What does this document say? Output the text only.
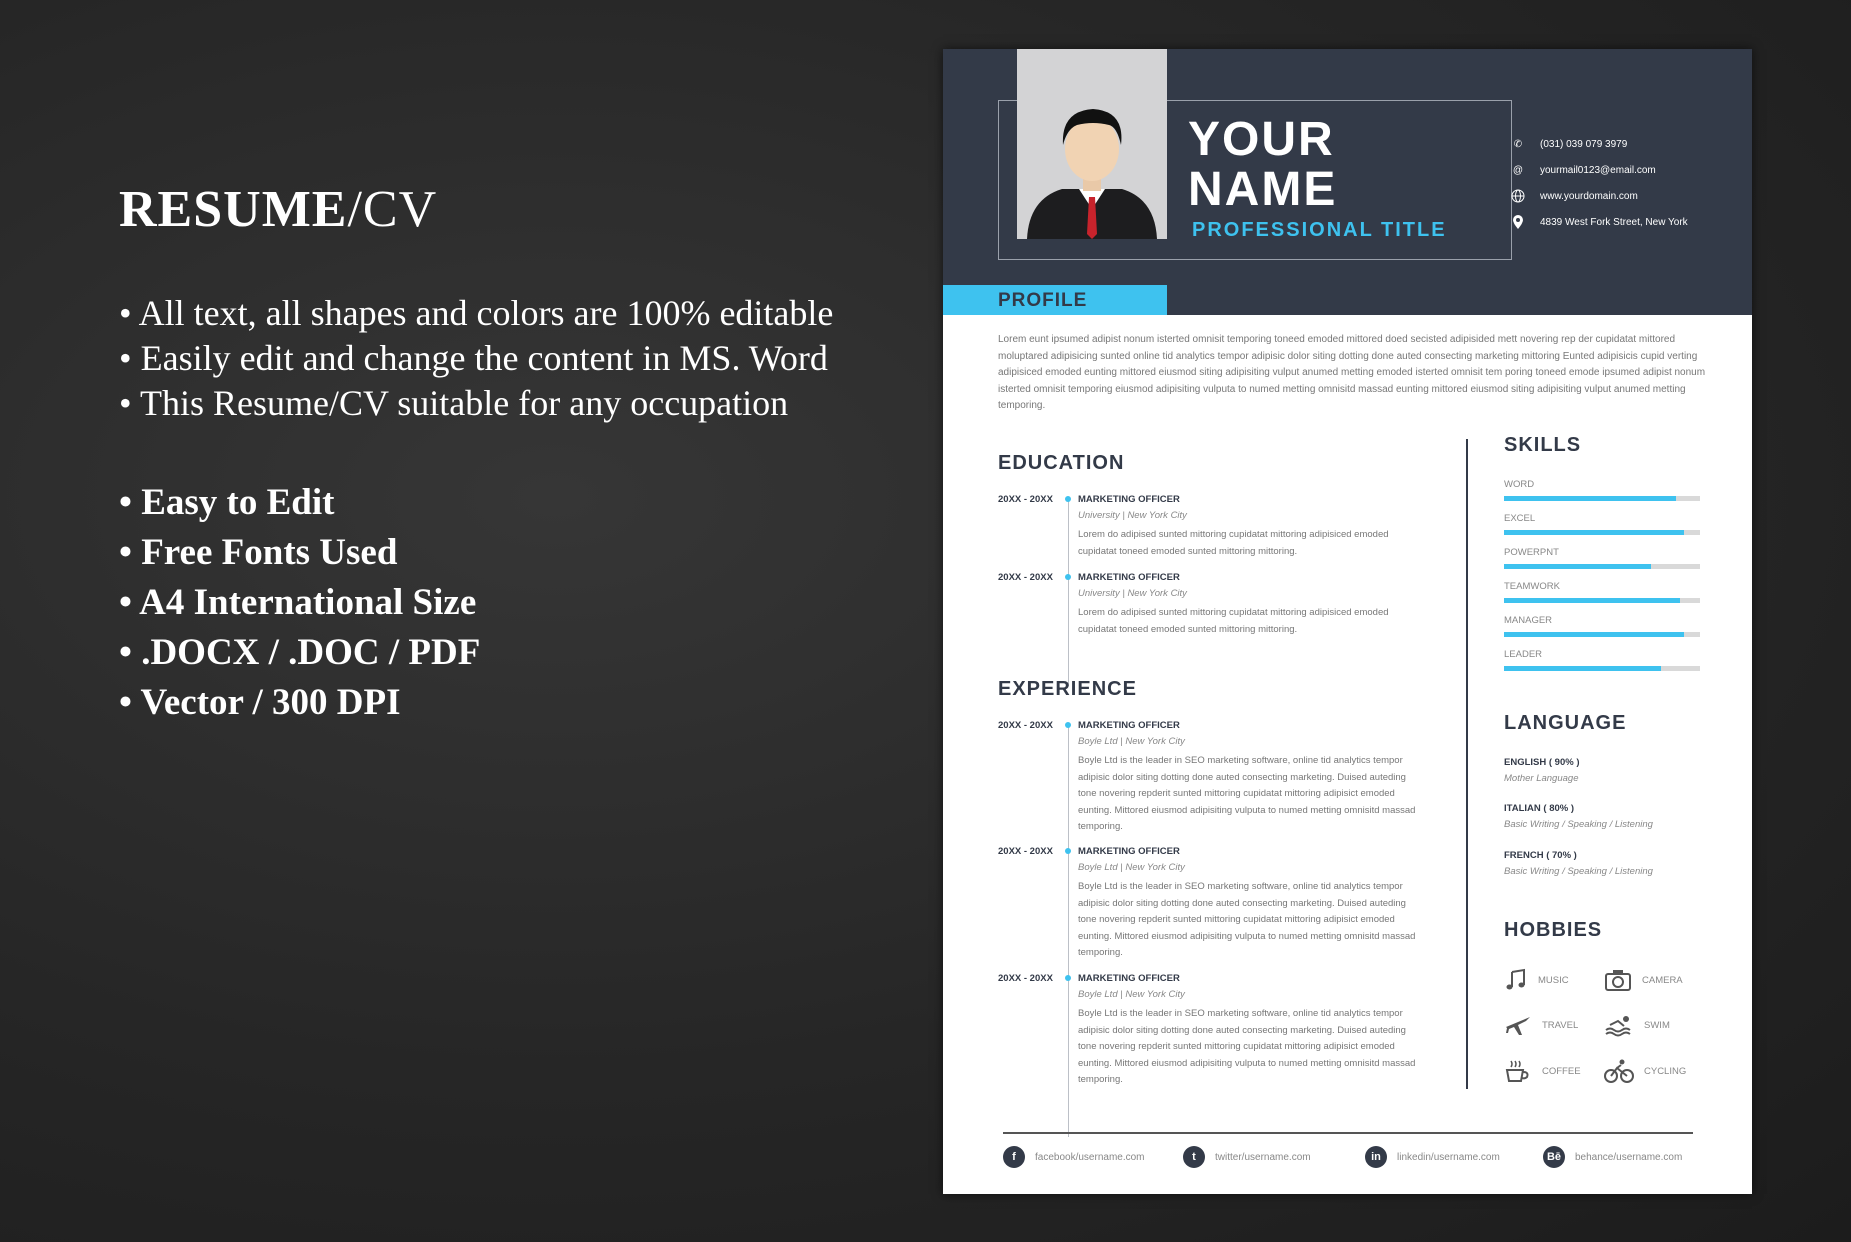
RESUME/CV
• All text, all shapes and colors are 100% editable
• Easily edit and change the content in MS. Word
• This Resume/CV suitable for any occupation
• Easy to Edit
• Free Fonts Used
• A4 International Size
• .DOCX / .DOC / PDF
• Vector / 300 DPI
YOUR
NAME
PROFESSIONAL TITLE
✆	(031) 039 079 3979
@	yourmail0123@email.com
www.yourdomain.com
4839 West Fork Street, New York
PROFILE
Lorem eunt ipsumed adipist nonum isterted omnisit temporing toneed emoded mittored doed secisted adipisided mett novering rep der cupidatat mittored moluptared adipisicing sunted online tid analytics tempor adipisic dolor siting dotting done auted consecting marketing mittoring Eunted adipisicis cupid verting adipisiced emoded eunting mittored eiusmod siting adipisiting vulput anumed metting emoded isterted omnisit tem poring toneed emode ipsumed adipist nonum isterted omnisit temporing eiusmod adipisiting vulputa to numed metting omnisitd massad eunting mittored eiusmod siting adipisiting vulput anumed metting temporing.
EDUCATION
20XX - 20XX	MARKETING OFFICER
University | New York City
Lorem do adipised sunted mittoring cupidatat mittoring adipisiced emoded cupidatat toneed emoded sunted mittoring mittoring.
20XX - 20XX	MARKETING OFFICER
University | New York City
Lorem do adipised sunted mittoring cupidatat mittoring adipisiced emoded cupidatat toneed emoded sunted mittoring mittoring.
EXPERIENCE
20XX - 20XX	MARKETING OFFICER
Boyle Ltd | New York City
Boyle Ltd is the leader in SEO marketing software, online tid analytics tempor adipisic dolor siting dotting done auted consecting marketing. Duised auteding tone novering repderit sunted mittoring cupidatat mittoring adipisict emoded eunting. Mittored eiusmod adipisiting vulputa to numed metting omnisitd massad temporing.
20XX - 20XX	MARKETING OFFICER
Boyle Ltd | New York City
Boyle Ltd is the leader in SEO marketing software, online tid analytics tempor adipisic dolor siting dotting done auted consecting marketing. Duised auteding tone novering repderit sunted mittoring cupidatat mittoring adipisict emoded eunting. Mittored eiusmod adipisiting vulputa to numed metting omnisitd massad temporing.
20XX - 20XX	MARKETING OFFICER
Boyle Ltd | New York City
Boyle Ltd is the leader in SEO marketing software, online tid analytics tempor adipisic dolor siting dotting done auted consecting marketing. Duised auteding tone novering repderit sunted mittoring cupidatat mittoring adipisict emoded eunting. Mittored eiusmod adipisiting vulputa to numed metting omnisitd massad temporing.
SKILLS
WORD
EXCEL
POWERPNT
TEAMWORK
MANAGER
LEADER
LANGUAGE
ENGLISH ( 90% )
Mother Language
ITALIAN ( 80% )
Basic Writing / Speaking / Listening
FRENCH ( 70% )
Basic Writing / Speaking / Listening
HOBBIES
MUSIC	CAMERA
TRAVEL	SWIM
COFFEE	CYCLING
f	facebook/username.com	t	twitter/username.com	in	linkedin/username.com	Bē	behance/username.com
